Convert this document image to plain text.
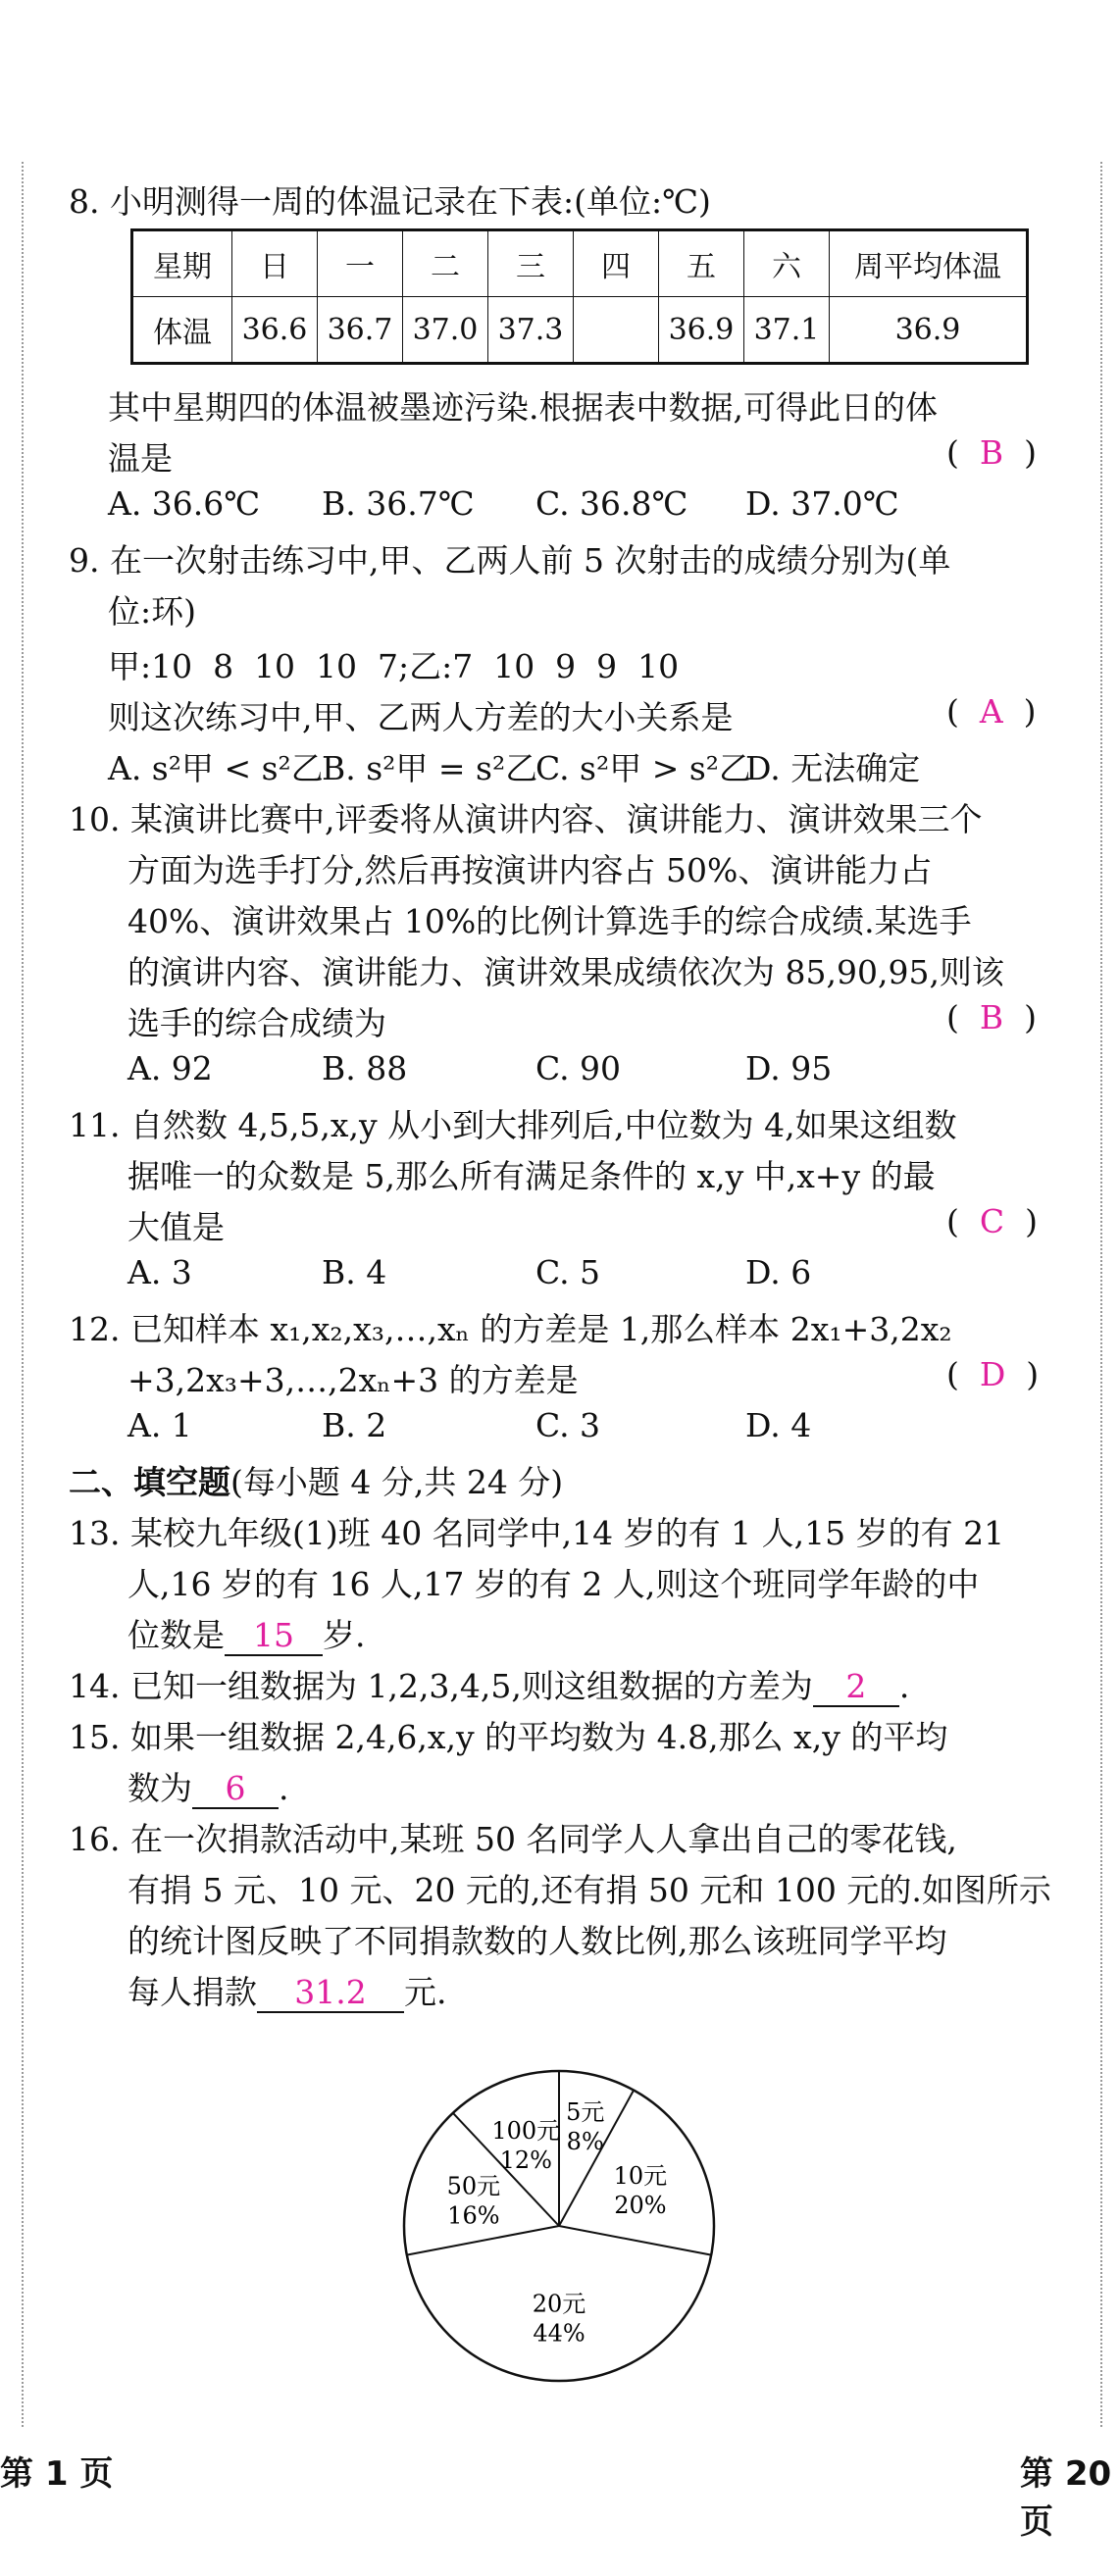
8. 小明测得一周的体温记录在下表:(单位:℃)
星期	日	一	二	三	四	五	六	周平均体温
体温	36.6	36.7	37.0	37.3		36.9	37.1	36.9
其中星期四的体温被墨迹污染.根据表中数据,可得此日的体
温是	(  B  )
A. 36.6℃ B. 36.7℃ C. 36.8℃ D. 37.0℃
9. 在一次射击练习中,甲、乙两人前 5 次射击的成绩分别为(单
位:环)
甲:10  8  10  10  7;乙:7  10  9  9  10
则这次练习中,甲、乙两人方差的大小关系是	(  A  )
A. s²甲 < s²乙
B. s²甲 = s²乙
C. s²甲 > s²乙
D. 无法确定
10. 某演讲比赛中,评委将从演讲内容、演讲能力、演讲效果三个
方面为选手打分,然后再按演讲内容占 50%、演讲能力占
40%、演讲效果占 10%的比例计算选手的综合成绩.某选手
的演讲内容、演讲能力、演讲效果成绩依次为 85,90,95,则该
选手的综合成绩为	(  B  )
A. 92	B. 88	C. 90	D. 95
11. 自然数 4,5,5,x,y 从小到大排列后,中位数为 4,如果这组数
据唯一的众数是 5,那么所有满足条件的 x,y 中,x+y 的最
大值是	(  C  )
A. 3	B. 4	C. 5	D. 6
12. 已知样本 x₁,x₂,x₃,…,xₙ 的方差是 1,那么样本 2x₁+3,2x₂
+3,2x₃+3,…,2xₙ+3 的方差是	(  D  )
A. 1	B. 2	C. 3	D. 4
二、填空题(每小题 4 分,共 24 分)
13. 某校九年级(1)班 40 名同学中,14 岁的有 1 人,15 岁的有 21
人,16 岁的有 16 人,17 岁的有 2 人,则这个班同学年龄的中
位数是 15 岁.
14. 已知一组数据为 1,2,3,4,5,则这组数据的方差为 2 .
15. 如果一组数据 2,4,6,x,y 的平均数为 4.8,那么 x,y 的平均
数为 6 .
16. 在一次捐款活动中,某班 50 名同学人人拿出自己的零花钱,
有捐 5 元、10 元、20 元的,还有捐 50 元和 100 元的.如图所示
的统计图反映了不同捐款数的人数比例,那么该班同学平均
每人捐款 31.2 元.
5元
8%
10元
20%
20元
44%
50元
16%
100元
12%
第 1 页	第 20 页
